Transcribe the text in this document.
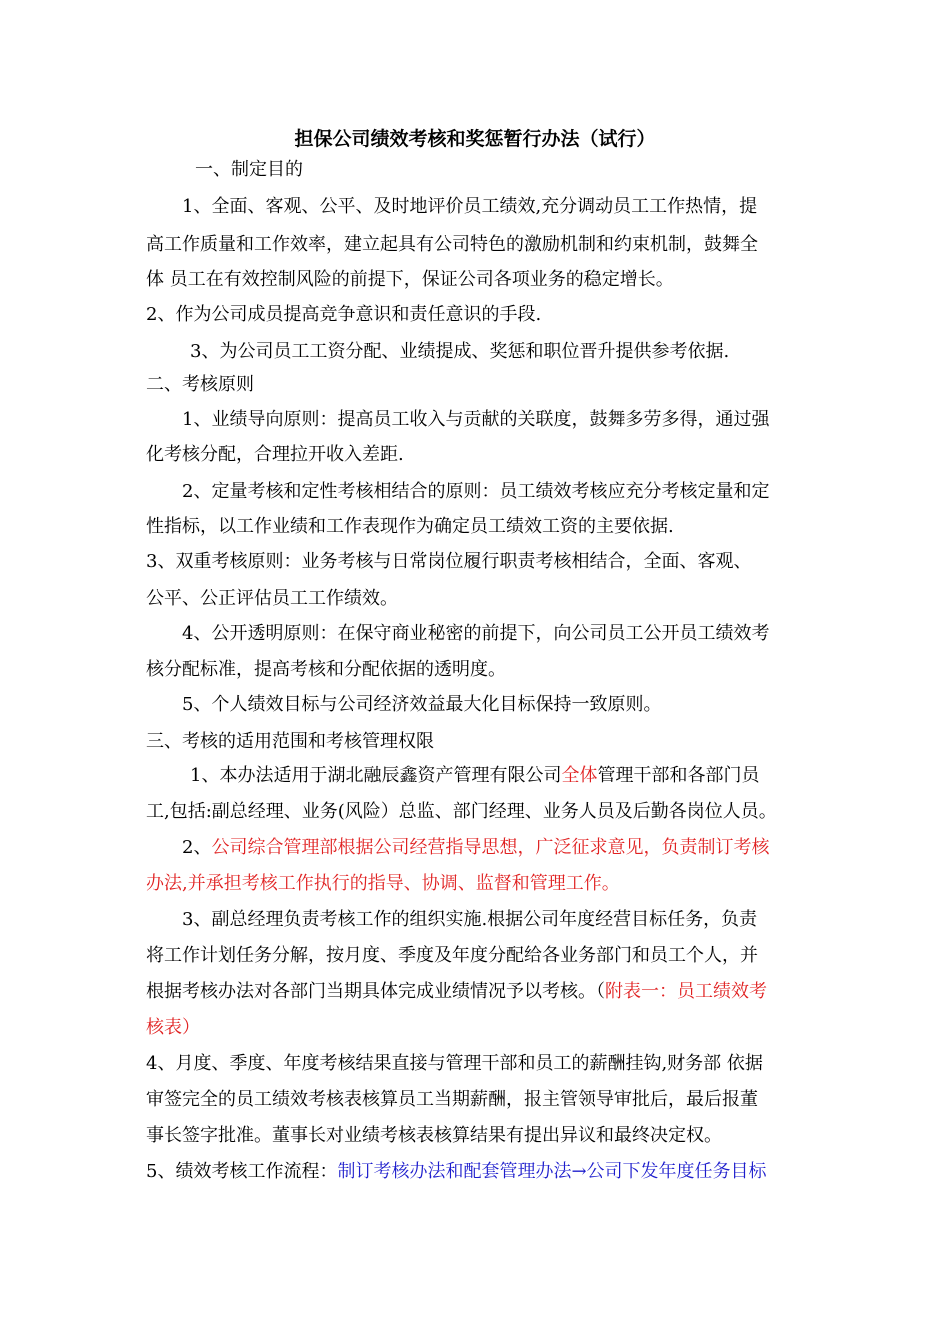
担保公司绩效考核和奖惩暂行办法（试行）
一、制定目的
1、全面、客观、公平、及时地评价员工绩效,充分调动员工工作热情，提
高工作质量和工作效率，建立起具有公司特色的激励机制和约束机制，鼓舞全
体 员工在有效控制风险的前提下，保证公司各项业务的稳定增长。
2、作为公司成员提高竞争意识和责任意识的手段.
3、为公司员工工资分配、业绩提成、奖惩和职位晋升提供参考依据.
二、考核原则
1、业绩导向原则：提高员工收入与贡献的关联度，鼓舞多劳多得，通过强
化考核分配，合理拉开收入差距.
2、定量考核和定性考核相结合的原则：员工绩效考核应充分考核定量和定
性指标，以工作业绩和工作表现作为确定员工绩效工资的主要依据.
3、双重考核原则：业务考核与日常岗位履行职责考核相结合，全面、客观、
公平、公正评估员工工作绩效。
4、公开透明原则：在保守商业秘密的前提下，向公司员工公开员工绩效考
核分配标准，提高考核和分配依据的透明度。
5、个人绩效目标与公司经济效益最大化目标保持一致原则。
三、考核的适用范围和考核管理权限
1、本办法适用于湖北融辰鑫资产管理有限公司全体管理干部和各部门员
工,包括:副总经理、业务(风险）总监、部门经理、业务人员及后勤各岗位人员。
2、公司综合管理部根据公司经营指导思想，广泛征求意见，负责制订考核
办法,并承担考核工作执行的指导、协调、监督和管理工作。
3、副总经理负责考核工作的组织实施.根据公司年度经营目标任务，负责
将工作计划任务分解，按月度、季度及年度分配给各业务部门和员工个人，并
根据考核办法对各部门当期具体完成业绩情况予以考核。（附表一：员工绩效考
核表）
4、月度、季度、年度考核结果直接与管理干部和员工的薪酬挂钩,财务部 依据
审签完全的员工绩效考核表核算员工当期薪酬，报主管领导审批后，最后报董
事长签字批准。董事长对业绩考核表核算结果有提出异议和最终决定权。
5、绩效考核工作流程：制订考核办法和配套管理办法→公司下发年度任务目标
